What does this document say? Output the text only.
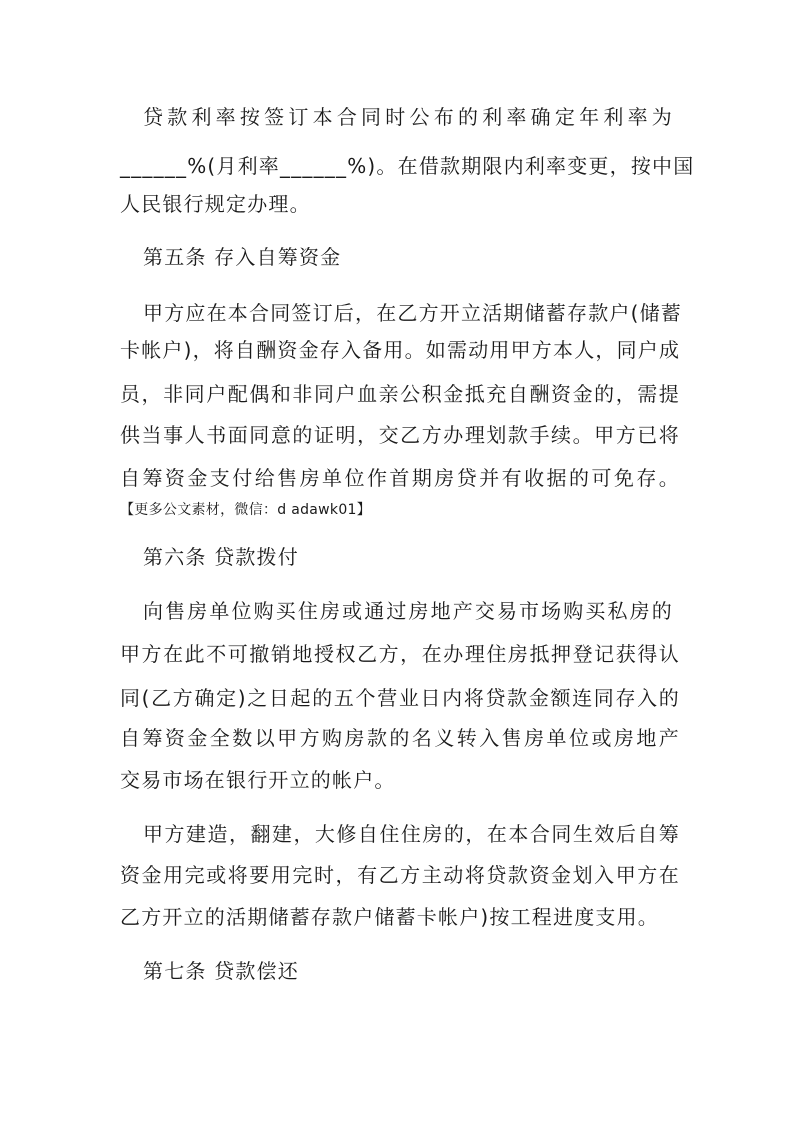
贷款利率按签订本合同时公布的利率确定年利率为
______%(月利率______%)。在借款期限内利率变更，按中国
人民银行规定办理。
第五条 存入自筹资金
甲方应在本合同签订后，在乙方开立活期储蓄存款户(储蓄
卡帐户)，将自酬资金存入备用。如需动用甲方本人，同户成
员，非同户配偶和非同户血亲公积金抵充自酬资金的，需提
供当事人书面同意的证明，交乙方办理划款手续。甲方已将
自筹资金支付给售房单位作首期房贷并有收据的可免存。
【更多公文素材，微信：d adawk01】
第六条 贷款拨付
向售房单位购买住房或通过房地产交易市场购买私房的
甲方在此不可撤销地授权乙方，在办理住房抵押登记获得认
同(乙方确定)之日起的五个营业日内将贷款金额连同存入的
自筹资金全数以甲方购房款的名义转入售房单位或房地产
交易市场在银行开立的帐户。
甲方建造，翻建，大修自住住房的，在本合同生效后自筹
资金用完或将要用完时，有乙方主动将贷款资金划入甲方在
乙方开立的活期储蓄存款户储蓄卡帐户)按工程进度支用。
第七条 贷款偿还
